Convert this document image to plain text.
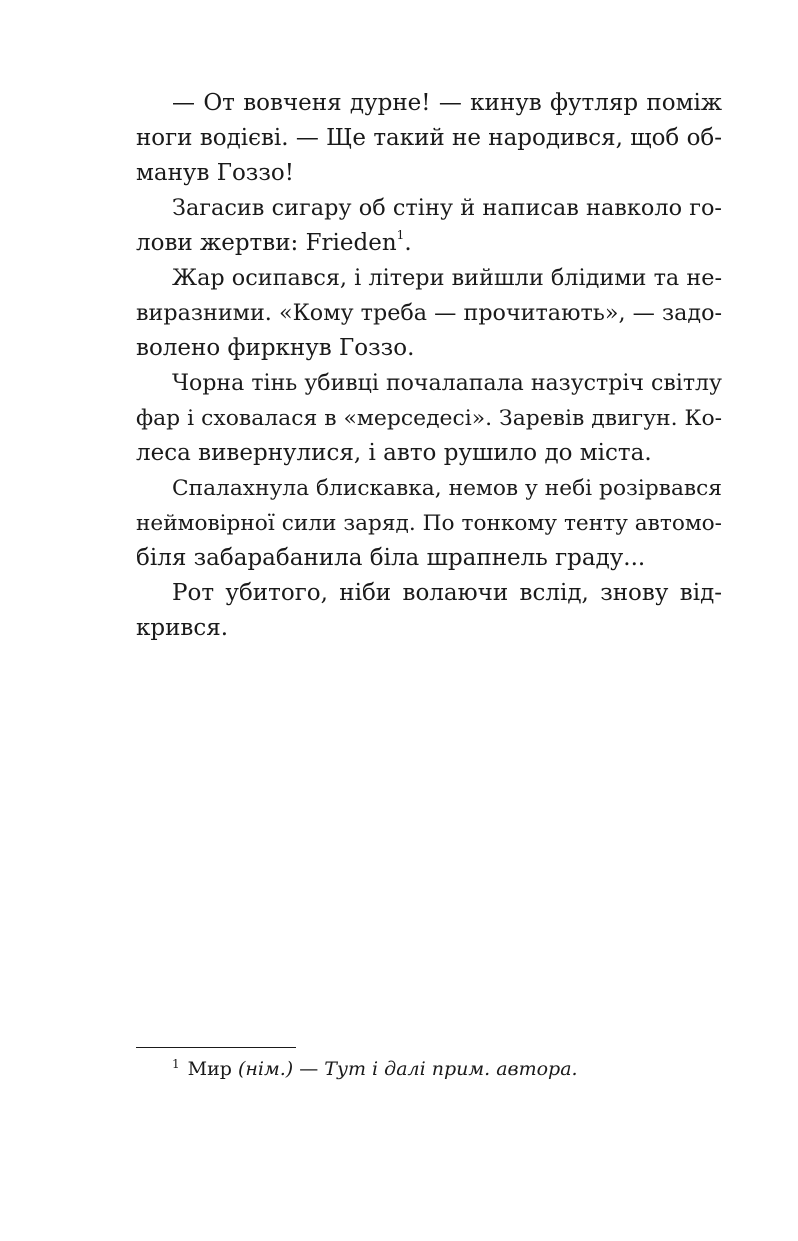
— От вовченя дурне! — кинув футляр поміж
ноги водієві. — Ще такий не народився, щоб об-
манув Гоззо!
Загасив сигару об стіну й написав навколо го-
лови жертви: Frieden$^1$.
Жар осипався, і літери вийшли блідими та не-
виразними. «Кому треба — прочитають», — задо-
волено фиркнув Гоззо.
Чорна тінь убивці почалапала назустріч світлу
фар і сховалася в «мерседесі». Заревів двигун. Ко-
леса вивернулися, і авто рушило до міста.
Спалахнула блискавка, немов у небі розірвався
неймовірної сили заряд. По тонкому тенту автомо-
біля забарабанила біла шрапнель граду...
Рот убитого, ніби волаючи вслід, знову від-
крився.
$^1$ Мир (нім.) — Тут і далі прим. автора.
